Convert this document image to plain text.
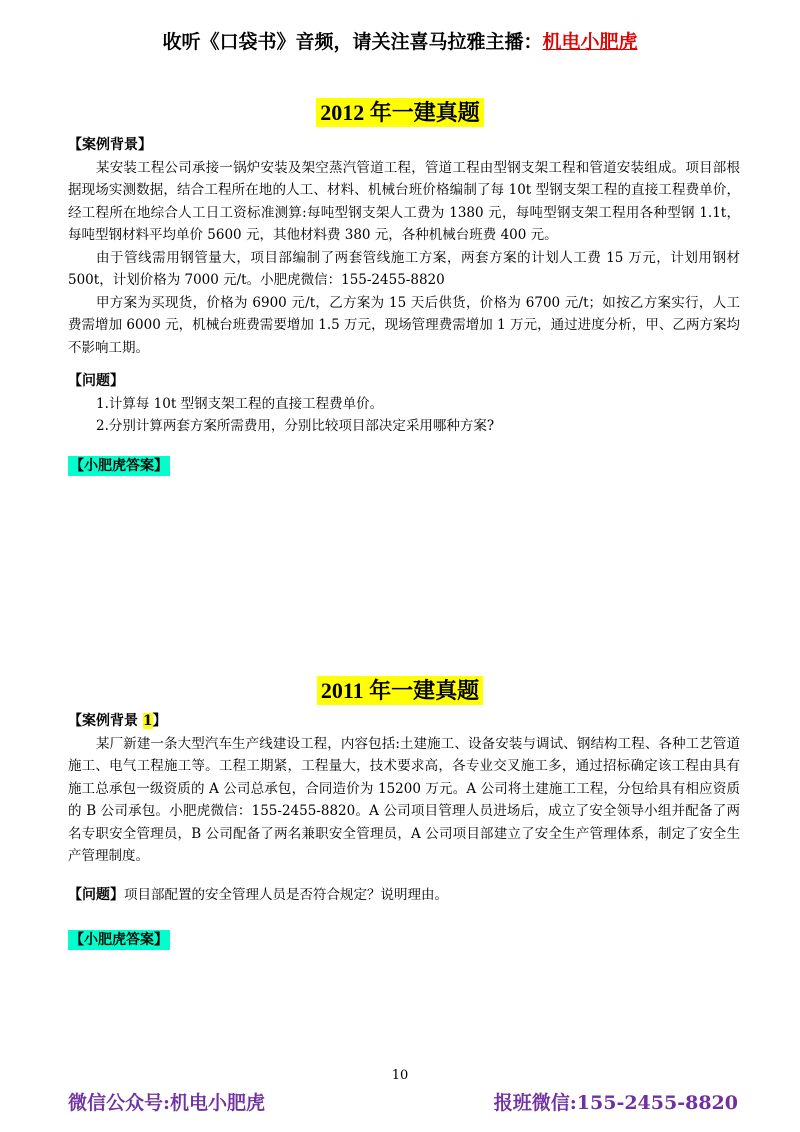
收听《口袋书》音频，请关注喜马拉雅主播：机电小肥虎
2012 年一建真题
【案例背景】

某安装工程公司承接一锅炉安装及架空蒸汽管道工程，管道工程由型钢支架工程和管道安装组成。项目部根据现场实测数据，结合工程所在地的人工、材料、机械台班价格编制了每 10t 型钢支架工程的直接工程费单价，经工程所在地综合人工日工资标准测算:每吨型钢支架人工费为 1380 元，每吨型钢支架工程用各种型钢 1.1t，每吨型钢材料平均单价 5600 元，其他材料费 380 元，各种机械台班费 400 元。

由于管线需用钢管量大，项目部编制了两套管线施工方案，两套方案的计划人工费 15 万元，计划用钢材 500t，计划价格为 7000 元/t。小肥虎微信：155-2455-8820

甲方案为买现货，价格为 6900 元/t，乙方案为 15 天后供货，价格为 6700 元/t；如按乙方案实行，人工费需增加 6000 元，机械台班费需要增加 1.5 万元，现场管理费需增加 1 万元，通过进度分析，甲、乙两方案均不影响工期。

【问题】

1.计算每 10t 型钢支架工程的直接工程费单价。

2.分别计算两套方案所需费用，分别比较项目部决定采用哪种方案?

【小肥虎答案】
2011 年一建真题
【案例背景 1】

某厂新建一条大型汽车生产线建设工程，内容包括:土建施工、设备安装与调试、钢结构工程、各种工艺管道施工、电气工程施工等。工程工期紧，工程量大，技术要求高，各专业交叉施工多，通过招标确定该工程由具有施工总承包一级资质的 A 公司总承包，合同造价为 15200 万元。A 公司将土建施工工程，分包给具有相应资质的 B 公司承包。小肥虎微信：155-2455-8820。A 公司项目管理人员进场后，成立了安全领导小组并配备了两名专职安全管理员，B 公司配备了两名兼职安全管理员，A 公司项目部建立了安全生产管理体系，制定了安全生产管理制度。

【问题】项目部配置的安全管理人员是否符合规定？说明理由。
【小肥虎答案】
10
微信公众号:机电小肥虎	报班微信:155-2455-8820
